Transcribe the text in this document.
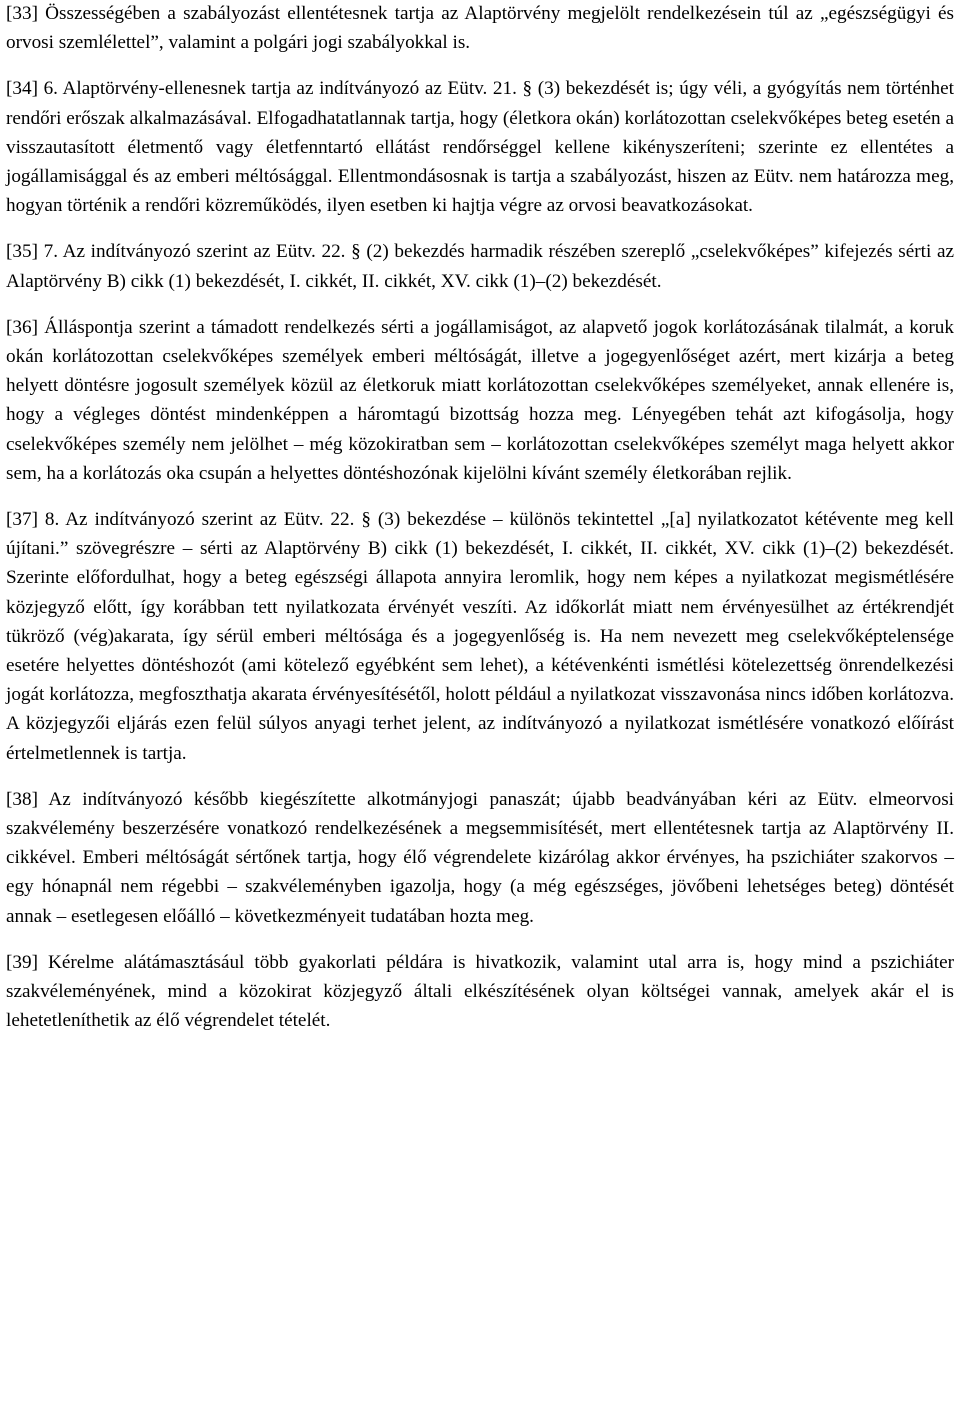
[33] Összességében a szabályozást ellentétesnek tartja az Alaptörvény megjelölt rendelkezésein túl az „egészségügyi és orvosi szemlélettel”, valamint a polgári jogi szabályokkal is.

[34] 6. Alaptörvény-ellenesnek tartja az indítványozó az Eütv. 21. § (3) bekezdését is; úgy véli, a gyógyítás nem történhet rendőri erőszak alkalmazásával. Elfogadhatatlannak tartja, hogy (életkora okán) korlátozottan cselekvőképes beteg esetén a visszautasított életmentő vagy életfenntartó ellátást rendőrséggel kellene kikényszeríteni; szerinte ez ellentétes a jogállamisággal és az emberi méltósággal. Ellentmondásosnak is tartja a szabályozást, hiszen az Eütv. nem határozza meg, hogyan történik a rendőri közreműködés, ilyen esetben ki hajtja végre az orvosi beavatkozásokat.

[35] 7. Az indítványozó szerint az Eütv. 22. § (2) bekezdés harmadik részében szereplő „cselekvőképes” kifejezés sérti az Alaptörvény B) cikk (1) bekezdését, I. cikkét, II. cikkét, XV. cikk (1)–(2) bekezdését.

[36] Álláspontja szerint a támadott rendelkezés sérti a jogállamiságot, az alapvető jogok korlátozásának tilalmát, a koruk okán korlátozottan cselekvőképes személyek emberi méltóságát, illetve a jogegyenlőséget azért, mert kizárja a beteg helyett döntésre jogosult személyek közül az életkoruk miatt korlátozottan cselekvőképes személyeket, annak ellenére is, hogy a végleges döntést mindenképpen a háromtagú bizottság hozza meg. Lényegében tehát azt kifogásolja, hogy cselekvőképes személy nem jelölhet – még közokiratban sem – korlátozottan cselekvőképes személyt maga helyett akkor sem, ha a korlátozás oka csupán a helyettes döntéshozónak kijelölni kívánt személy életkorában rejlik.

[37] 8. Az indítványozó szerint az Eütv. 22. § (3) bekezdése – különös tekintettel „[a] nyilatkozatot kétévente meg kell újítani.” szövegrészre – sérti az Alaptörvény B) cikk (1) bekezdését, I. cikkét, II. cikkét, XV. cikk (1)–(2) bekezdését. Szerinte előfordulhat, hogy a beteg egészségi állapota annyira leromlik, hogy nem képes a nyilatkozat megismétlésére közjegyző előtt, így korábban tett nyilatkozata érvényét veszíti. Az időkorlát miatt nem érvényesülhet az értékrendjét tükröző (vég)akarata, így sérül emberi méltósága és a jogegyenlőség is. Ha nem nevezett meg cselekvőképtelensége esetére helyettes döntéshozót (ami kötelező egyébként sem lehet), a kétévenkénti ismétlési kötelezettség önrendelkezési jogát korlátozza, megfoszthatja akarata érvényesítésétől, holott például a nyilatkozat visszavonása nincs időben korlátozva. A közjegyzői eljárás ezen felül súlyos anyagi terhet jelent, az indítványozó a nyilatkozat ismétlésére vonatkozó előírást értelmetlennek is tartja.

[38] Az indítványozó később kiegészítette alkotmányjogi panaszát; újabb beadványában kéri az Eütv. elmeorvosi szakvélemény beszerzésére vonatkozó rendelkezésének a megsemmisítését, mert ellentétesnek tartja az Alaptörvény II. cikkével. Emberi méltóságát sértőnek tartja, hogy élő végrendelete kizárólag akkor érvényes, ha pszichiáter szakorvos – egy hónapnál nem régebbi – szakvéleményben igazolja, hogy (a még egészséges, jövőbeni lehetséges beteg) döntését annak – esetlegesen előálló – következményeit tudatában hozta meg.

[39] Kérelme alátámasztásául több gyakorlati példára is hivatkozik, valamint utal arra is, hogy mind a pszichiáter szakvéleményének, mind a közokirat közjegyző általi elkészítésének olyan költségei vannak, amelyek akár el is lehetetleníthetik az élő végrendelet tételét.
